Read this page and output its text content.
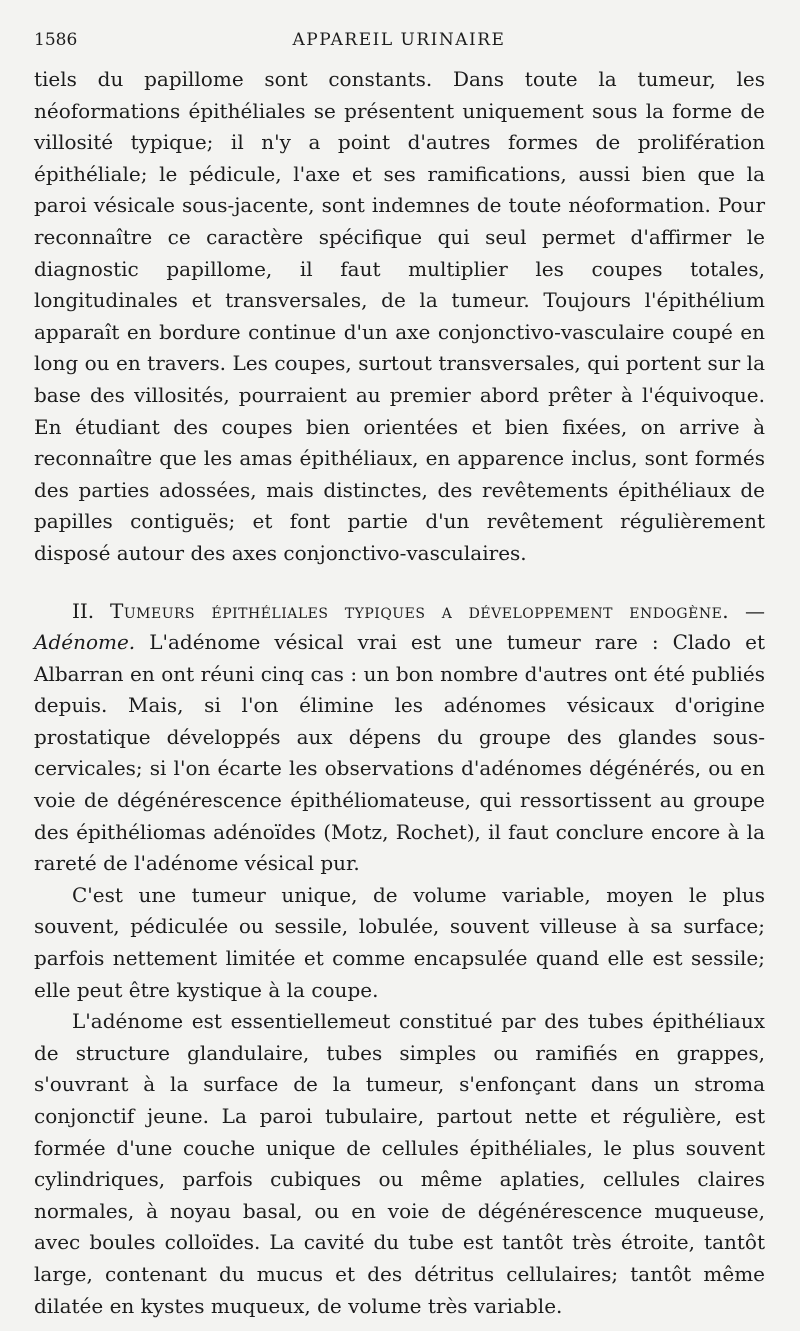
1586	APPAREIL URINAIRE

tiels du papillome sont constants. Dans toute la tumeur, les néoformations épithéliales se présentent uniquement sous la forme de villosité typique; il n'y a point d'autres formes de prolifération épithéliale; le pédicule, l'axe et ses ramifications, aussi bien que la paroi vésicale sous-jacente, sont indemnes de toute néoformation. Pour reconnaître ce caractère spécifique qui seul permet d'affirmer le diagnostic papillome, il faut multiplier les coupes totales, longitudinales et transversales, de la tumeur. Toujours l'épithélium apparaît en bordure continue d'un axe conjonctivo-vasculaire coupé en long ou en travers. Les coupes, surtout transversales, qui portent sur la base des villosités, pourraient au premier abord prêter à l'équivoque. En étudiant des coupes bien orientées et bien fixées, on arrive à reconnaître que les amas épithéliaux, en apparence inclus, sont formés des parties adossées, mais distinctes, des revêtements épithéliaux de papilles contiguës; et font partie d'un revêtement régulièrement disposé autour des axes conjonctivo-vasculaires.

II. Tumeurs épithéliales typiques a développement endogène. — Adénome. L'adénome vésical vrai est une tumeur rare : Clado et Albarran en ont réuni cinq cas : un bon nombre d'autres ont été publiés depuis. Mais, si l'on élimine les adénomes vésicaux d'origine prostatique développés aux dépens du groupe des glandes sous-cervicales; si l'on écarte les observations d'adénomes dégénérés, ou en voie de dégénérescence épithéliomateuse, qui ressortissent au groupe des épithéliomas adénoïdes (Motz, Rochet), il faut conclure encore à la rareté de l'adénome vésical pur.

C'est une tumeur unique, de volume variable, moyen le plus souvent, pédiculée ou sessile, lobulée, souvent villeuse à sa surface; parfois nettement limitée et comme encapsulée quand elle est sessile; elle peut être kystique à la coupe.

L'adénome est essentiellemeut constitué par des tubes épithéliaux de structure glandulaire, tubes simples ou ramifiés en grappes, s'ouvrant à la surface de la tumeur, s'enfonçant dans un stroma conjonctif jeune. La paroi tubulaire, partout nette et régulière, est formée d'une couche unique de cellules épithéliales, le plus souvent cylindriques, parfois cubiques ou même aplaties, cellules claires normales, à noyau basal, ou en voie de dégénérescence muqueuse, avec boules colloïdes. La cavité du tube est tantôt très étroite, tantôt large, contenant du mucus et des détritus cellulaires; tantôt même dilatée en kystes muqueux, de volume très variable.
